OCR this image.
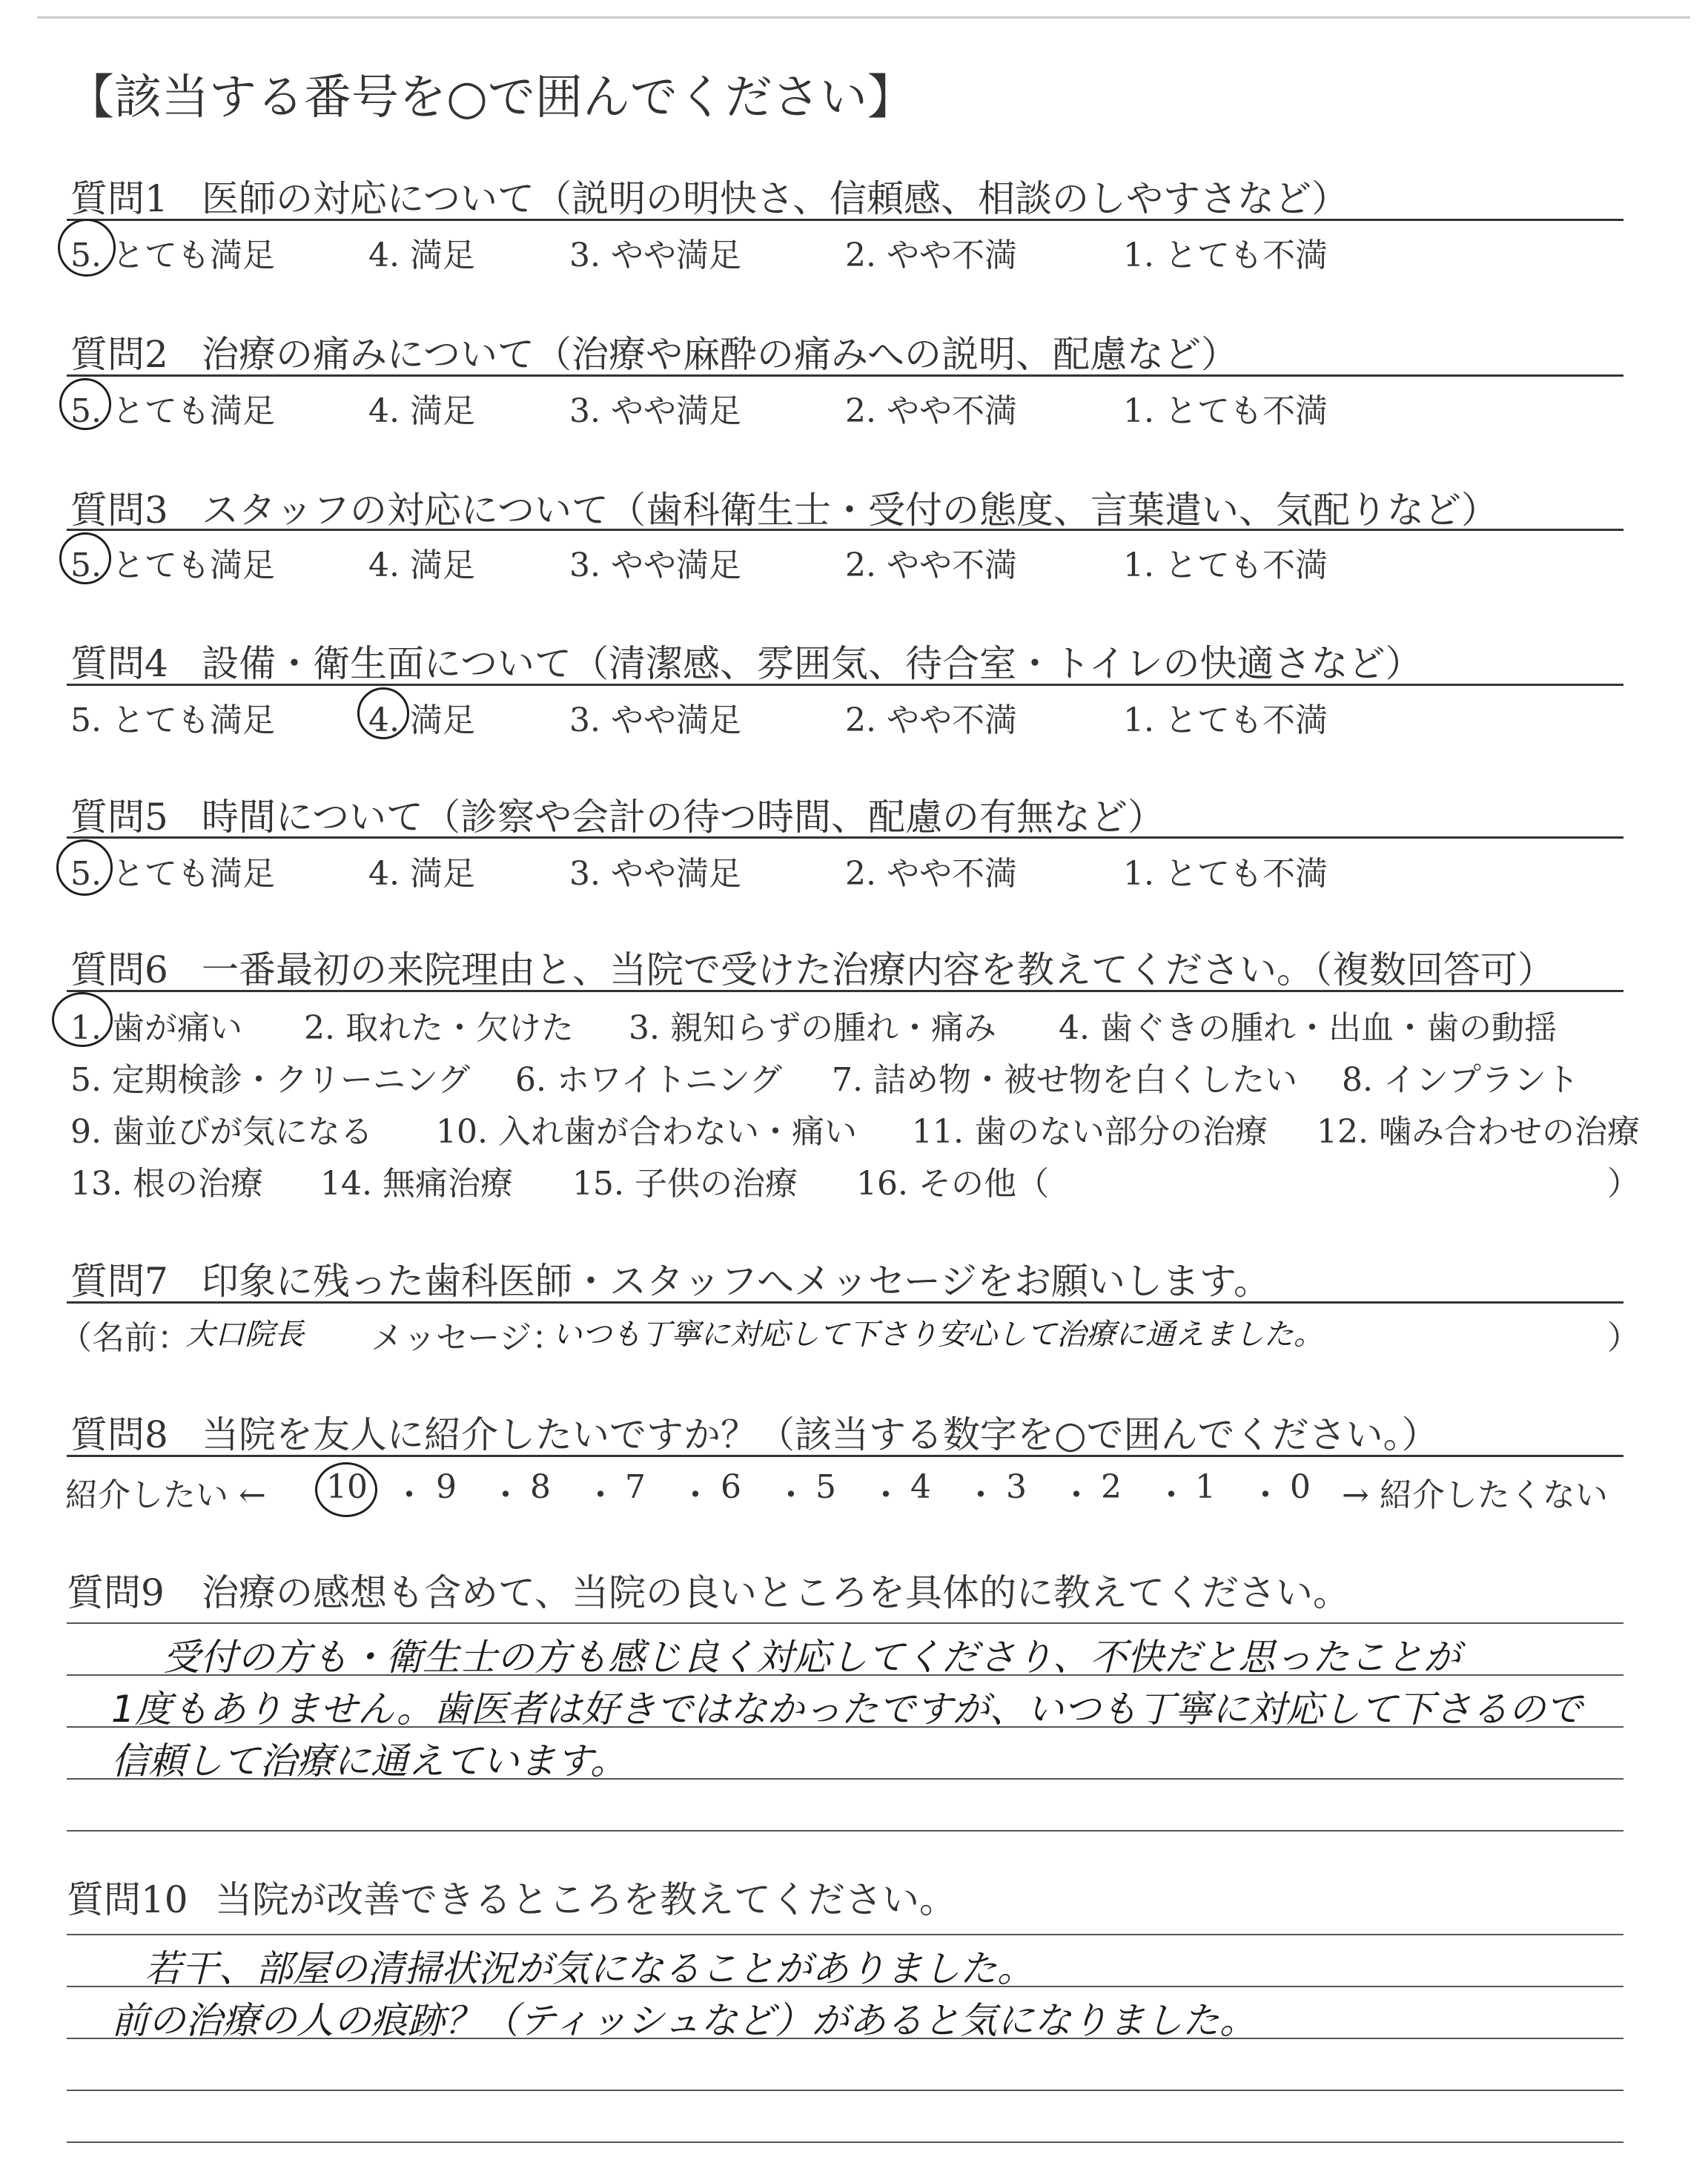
【該当する番号を○で囲んでください】
質問1 医師の対応について（説明の明快さ、信頼感、相談のしやすさなど）
5. とても満足	4. 満足	3. やや満足	2. やや不満	1. とても不満
質問2 治療の痛みについて（治療や麻酔の痛みへの説明、配慮など）
5. とても満足	4. 満足	3. やや満足	2. やや不満	1. とても不満
質問3 スタッフの対応について（歯科衛生士・受付の態度、言葉遣い、気配りなど）
5. とても満足	4. 満足	3. やや満足	2. やや不満	1. とても不満
質問4 設備・衛生面について（清潔感、雰囲気、待合室・トイレの快適さなど）
5. とても満足	4. 満足	3. やや満足	2. やや不満	1. とても不満
質問5 時間について（診察や会計の待つ時間、配慮の有無など）
5. とても満足	4. 満足	3. やや満足	2. やや不満	1. とても不満
質問6 一番最初の来院理由と、当院で受けた治療内容を教えてください。（複数回答可）
1. 歯が痛い 2. 取れた・欠けた 3. 親知らずの腫れ・痛み 4. 歯ぐきの腫れ・出血・歯の動揺
5. 定期検診・クリーニング 6. ホワイトニング 7. 詰め物・被せ物を白くしたい 8. インプラント
9. 歯並びが気になる 10. 入れ歯が合わない・痛い 11. 歯のない部分の治療 12. 噛み合わせの治療
13. 根の治療 14. 無痛治療 15. 子供の治療 16. その他（	）
質問7 印象に残った歯科医師・スタッフへメッセージをお願いします。
（名前：
大口院長 メッセージ：
いつも丁寧に対応して下さり安心して治療に通えました。	）
質問8 当院を友人に紹介したいですか？（該当する数字を○で囲んでください。）
紹介したい ← 10 ・ 9 ・ 8 ・ 7 ・ 6 ・ 5 ・ 4 ・ 3 ・ 2 ・ 1 ・ 0 → 紹介したくない
質問9 治療の感想も含めて、当院の良いところを具体的に教えてください。
受付の方も・衛生士の方も感じ良く対応してくださり、不快だと思ったことが
1度もありません。歯医者は好きではなかったですが、いつも丁寧に対応して下さるので
信頼して治療に通えています。
質問10 当院が改善できるところを教えてください。
若干、部屋の清掃状況が気になることがありました。
前の治療の人の痕跡？（ティッシュなど）があると気になりました。
